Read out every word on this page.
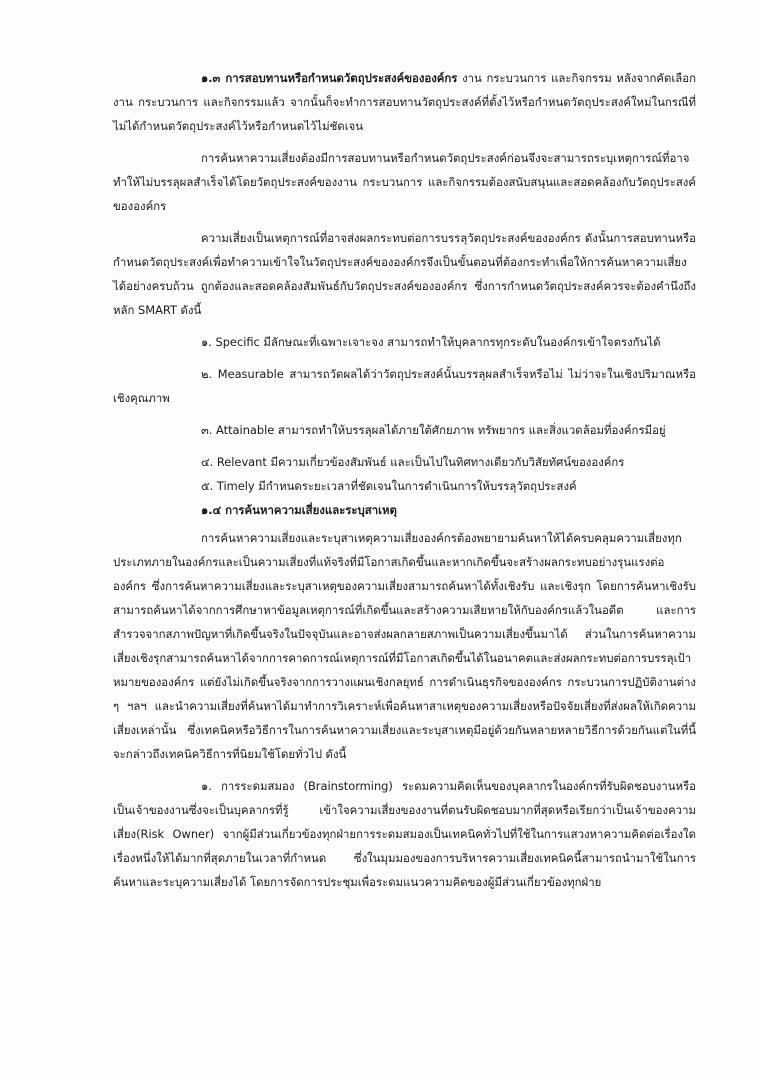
๑.๓ การสอบทานหรือกำหนดวัตถุประสงค์ขององค์กร งาน กระบวนการ และกิจกรรม หลังจากคัดเลือกงาน กระบวนการ และกิจกรรมแล้ว จากนั้นก็จะทำการสอบทานวัตถุประสงค์ที่ตั้งไว้หรือกำหนดวัตถุประสงค์ใหม่ในกรณีที่ไม่ได้กำหนดวัตถุประสงค์ไว้หรือกำหนดไว้ไม่ชัดเจน

การค้นหาความเสี่ยงต้องมีการสอบทานหรือกำหนดวัตถุประสงค์ก่อนจึงจะสามารถระบุเหตุการณ์ที่อาจทำให้ไม่บรรลุผลสำเร็จได้โดยวัตถุประสงค์ของงาน กระบวนการ และกิจกรรมต้องสนับสนุนและสอดคล้องกับวัตถุประสงค์ขององค์กร

ความเสี่ยงเป็นเหตุการณ์ที่อาจส่งผลกระทบต่อการบรรลุวัตถุประสงค์ขององค์กร ดังนั้นการสอบทานหรือกำหนดวัตถุประสงค์เพื่อทำความเข้าใจในวัตถุประสงค์ขององค์กรจึงเป็นขั้นตอนที่ต้องกระทำเพื่อให้การค้นหาความเสี่ยงได้อย่างครบถ้วน ถูกต้องและสอดคล้องสัมพันธ์กับวัตถุประสงค์ขององค์กร ซึ่งการกำหนดวัตถุประสงค์ควรจะต้องคำนึงถึงหลัก SMART ดังนี้

๑. Specific มีลักษณะที่เฉพาะเจาะจง สามารถทำให้บุคลากรทุกระดับในองค์กรเข้าใจตรงกันได้

๒. Measurable สามารถวัดผลได้ว่าวัตถุประสงค์นั้นบรรลุผลสำเร็จหรือไม่ ไม่ว่าจะในเชิงปริมาณหรือเชิงคุณภาพ

๓. Attainable สามารถทำให้บรรลุผลได้ภายใต้ศักยภาพ ทรัพยากร และสิ่งแวดล้อมที่องค์กรมีอยู่

๔. Relevant มีความเกี่ยวข้องสัมพันธ์ และเป็นไปในทิศทางเดียวกับวิสัยทัศน์ขององค์กร

๕. Timely มีกำหนดระยะเวลาที่ชัดเจนในการดำเนินการให้บรรลุวัตถุประสงค์

๑.๔ การค้นหาความเสี่ยงและระบุสาเหตุ

การค้นหาความเสี่ยงและระบุสาเหตุความเสี่ยงองค์กรต้องพยายามค้นหาให้ได้ครบคลุมความเสี่ยงทุกประเภทภายในองค์กรและเป็นความเสี่ยงที่แท้จริงที่มีโอกาสเกิดขึ้นและหากเกิดขึ้นจะสร้างผลกระทบอย่างรุนแรงต่อองค์กร ซึ่งการค้นหาความเสี่ยงและระบุสาเหตุของความเสี่ยงสามารถค้นหาได้ทั้งเชิงรับ และเชิงรุก โดยการค้นหาเชิงรับสามารถค้นหาได้จากการศึกษาหาข้อมูลเหตุการณ์ที่เกิดขึ้นและสร้างความเสียหายให้กับองค์กรแล้วในอดีต และการสำรวจจากสภาพปัญหาที่เกิดขึ้นจริงในปัจจุบันและอาจส่งผลกลายสภาพเป็นความเสี่ยงขึ้นมาได้ ส่วนในการค้นหาความเสี่ยงเชิงรุกสามารถค้นหาได้จากการคาดการณ์เหตุการณ์ที่มีโอกาสเกิดขึ้นได้ในอนาคตและส่งผลกระทบต่อการบรรลุเป้าหมายขององค์กร แต่ยังไม่เกิดขึ้นจริงจากการวางแผนเชิงกลยุทธ์ การดำเนินธุรกิจขององค์กร กระบวนการปฏิบัติงานต่าง ๆ ฯลฯ และนำความเสี่ยงที่ค้นหาได้มาทำการวิเคราะห์เพื่อค้นหาสาเหตุของความเสี่ยงหรือปัจจัยเสี่ยงที่ส่งผลให้เกิดความเสี่ยงเหล่านั้น ซึ่งเทคนิคหรือวิธีการในการค้นหาความเสี่ยงและระบุสาเหตุมีอยู่ด้วยกันหลายหลายวิธีการด้วยกันแต่ในที่นี้จะกล่าวถึงเทคนิควิธีการที่นิยมใช้โดยทั่วไป ดังนี้

๑. การระดมสมอง (Brainstorming) ระดมความคิดเห็นของบุคลากรในองค์กรที่รับผิดชอบงานหรือเป็นเจ้าของงานซึ่งจะเป็นบุคลากรที่รู้ เข้าใจความเสี่ยงของงานที่ตนรับผิดชอบมากที่สุดหรือเรียกว่าเป็นเจ้าของความเสี่ยง(Risk Owner) จากผู้มีส่วนเกี่ยวข้องทุกฝ่ายการระดมสมองเป็นเทคนิคทั่วไปที่ใช้ในการแสวงหาความคิดต่อเรื่องใดเรื่องหนึ่งให้ได้มากที่สุดภายในเวลาที่กำหนด ซึ่งในมุมมองของการบริหารความเสี่ยงเทคนิคนี้สามารถนำมาใช้ในการค้นหาและระบุความเสี่ยงได้ โดยการจัดการประชุมเพื่อระดมแนวความคิดของผู้มีส่วนเกี่ยวข้องทุกฝ่าย
